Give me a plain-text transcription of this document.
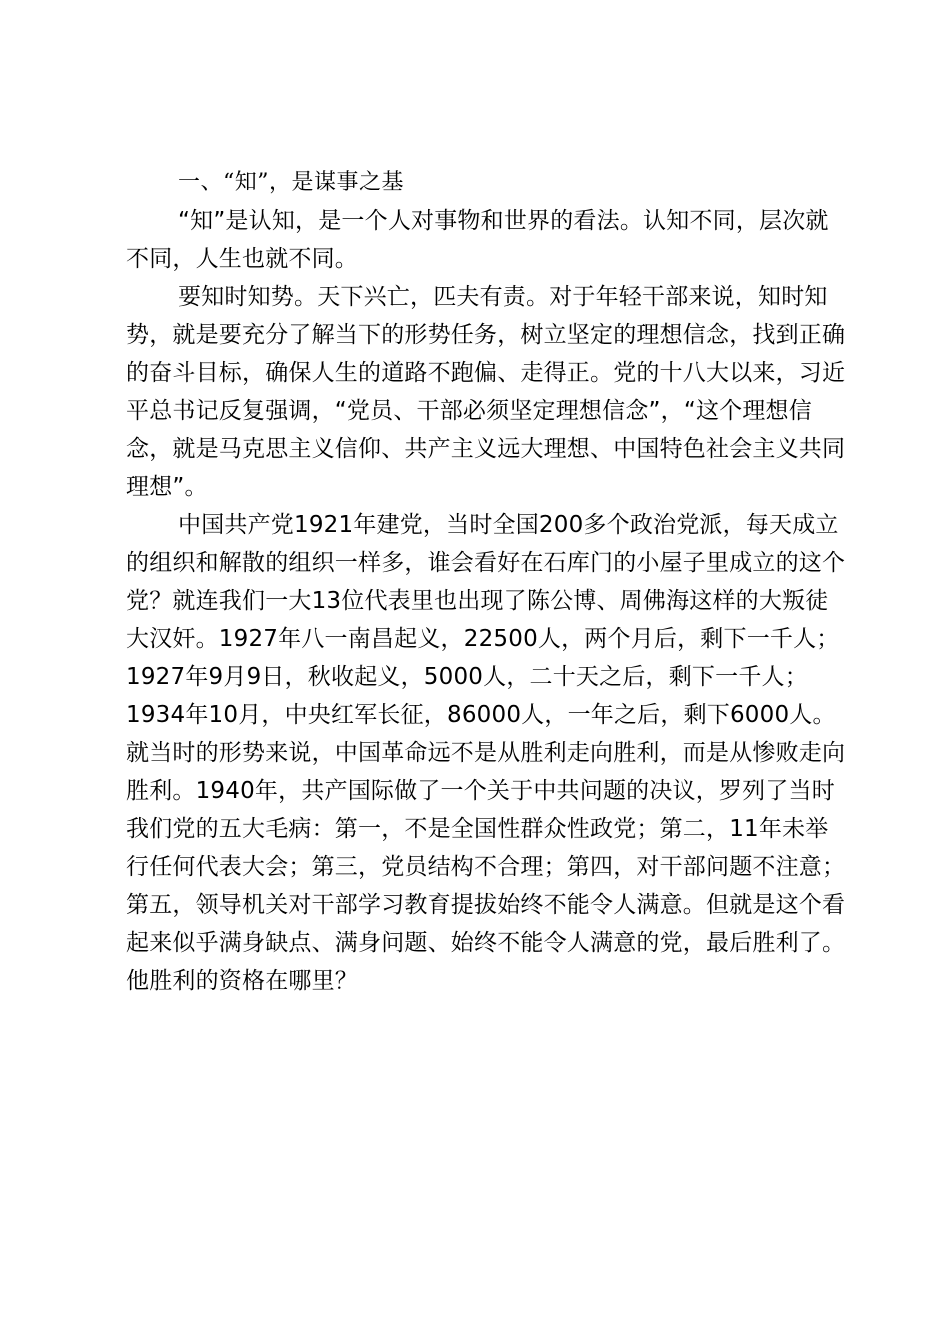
一、“知”，是谋事之基

“知”是认知，是一个人对事物和世界的看法。认知不同，层次就不同，人生也就不同。

要知时知势。天下兴亡，匹夫有责。对于年轻干部来说，知时知势，就是要充分了解当下的形势任务，树立坚定的理想信念，找到正确的奋斗目标，确保人生的道路不跑偏、走得正。党的十八大以来，习近平总书记反复强调，“党员、干部必须坚定理想信念”，“这个理想信念，就是马克思主义信仰、共产主义远大理想、中国特色社会主义共同理想”。

中国共产党1921年建党，当时全国200多个政治党派，每天成立的组织和解散的组织一样多，谁会看好在石库门的小屋子里成立的这个党？就连我们一大13位代表里也出现了陈公博、周佛海这样的大叛徒大汉奸。1927年八一南昌起义，22500人，两个月后，剩下一千人；1927年9月9日，秋收起义，5000人，二十天之后，剩下一千人；1934年10月，中央红军长征，86000人，一年之后，剩下6000人。就当时的形势来说，中国革命远不是从胜利走向胜利，而是从惨败走向胜利。1940年，共产国际做了一个关于中共问题的决议，罗列了当时我们党的五大毛病：第一，不是全国性群众性政党；第二，11年未举行任何代表大会；第三，党员结构不合理；第四，对干部问题不注意；第五，领导机关对干部学习教育提拔始终不能令人满意。但就是这个看起来似乎满身缺点、满身问题、始终不能令人满意的党，最后胜利了。他胜利的资格在哪里？
